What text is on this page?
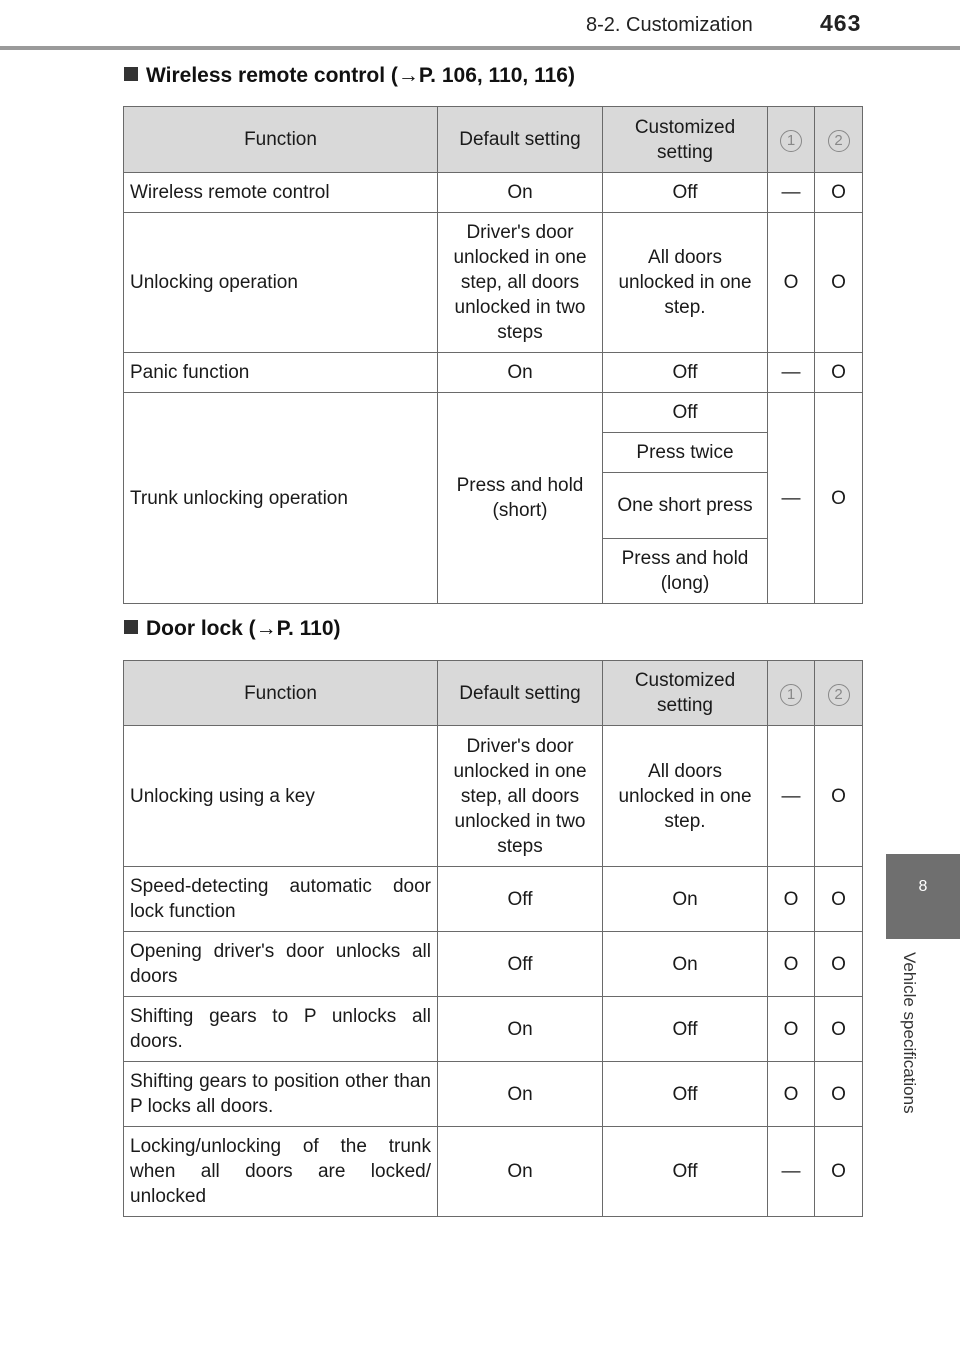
8-2. Customization	463
8
Vehicle specifications
Wireless remote control (→P. 106, 110, 116)
Function	Default setting	Customized setting	1	2
Wireless remote control	On	Off	—	O
Unlocking operation	Driver's door unlocked in one step, all doors unlocked in two steps	All doors unlocked in one step.	O	O
Panic function	On	Off	—	O
Trunk unlocking operation	Press and hold (short)	Off	—	O
		Press twice		
		One short press		
		Press and hold (long)		
Door lock (→P. 110)
Function	Default setting	Customized setting	1	2
Unlocking using a key	Driver's door unlocked in one step, all doors unlocked in two steps	All doors unlocked in one step.	—	O
Speed-detecting automatic door lock function	Off	On	O	O
Opening driver's door unlocks all doors	Off	On	O	O
Shifting gears to P unlocks all doors.	On	Off	O	O
Shifting gears to position other than P locks all doors.	On	Off	O	O
Locking/unlocking of the trunk when all doors are locked/ unlocked	On	Off	—	O
